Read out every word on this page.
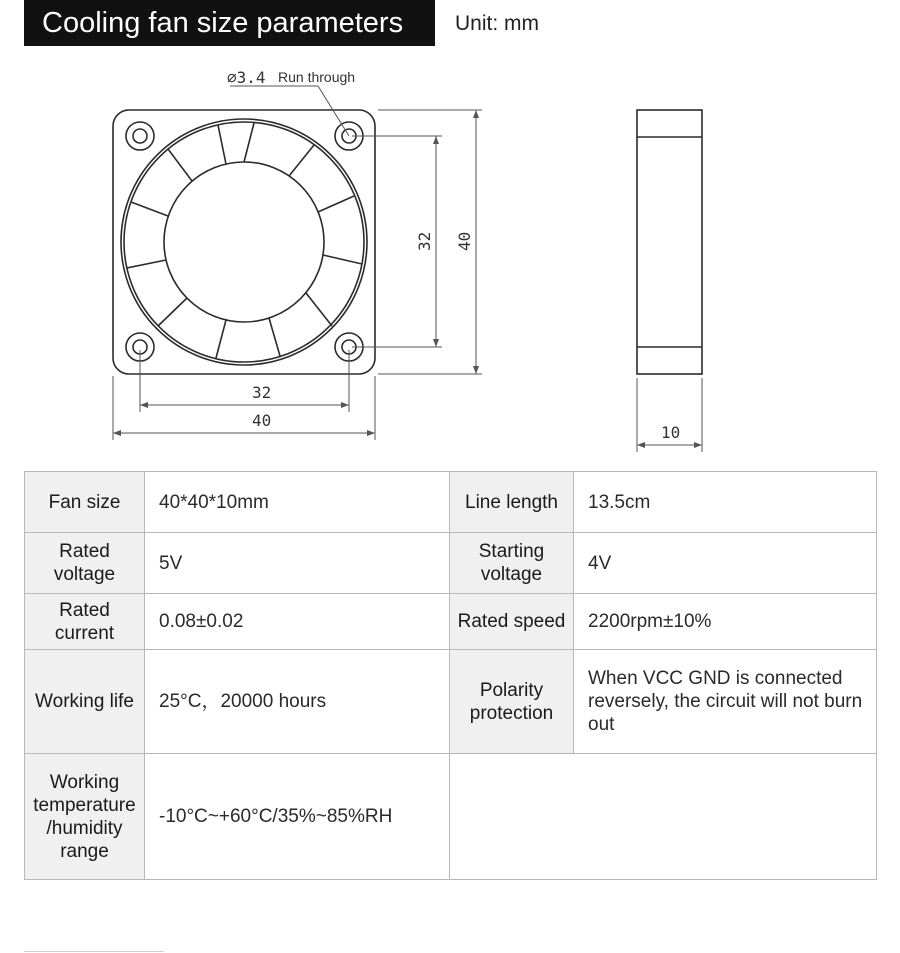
Cooling fan size parameters	Unit: mm
⌀3.4 Run through
32
40
32 40
10
Fan size	40*40*10mm	Line length	13.5cm
Rated voltage	5V	Starting voltage	4V
Rated current	0.08±0.02	Rated speed	2200rpm±10%
Working life	25°C，20000 hours	Polarity protection	When VCC GND is connected reversely, the circuit will not burn out
Working temperature /humidity range	-10°C~+60°C/35%~85%RH		
